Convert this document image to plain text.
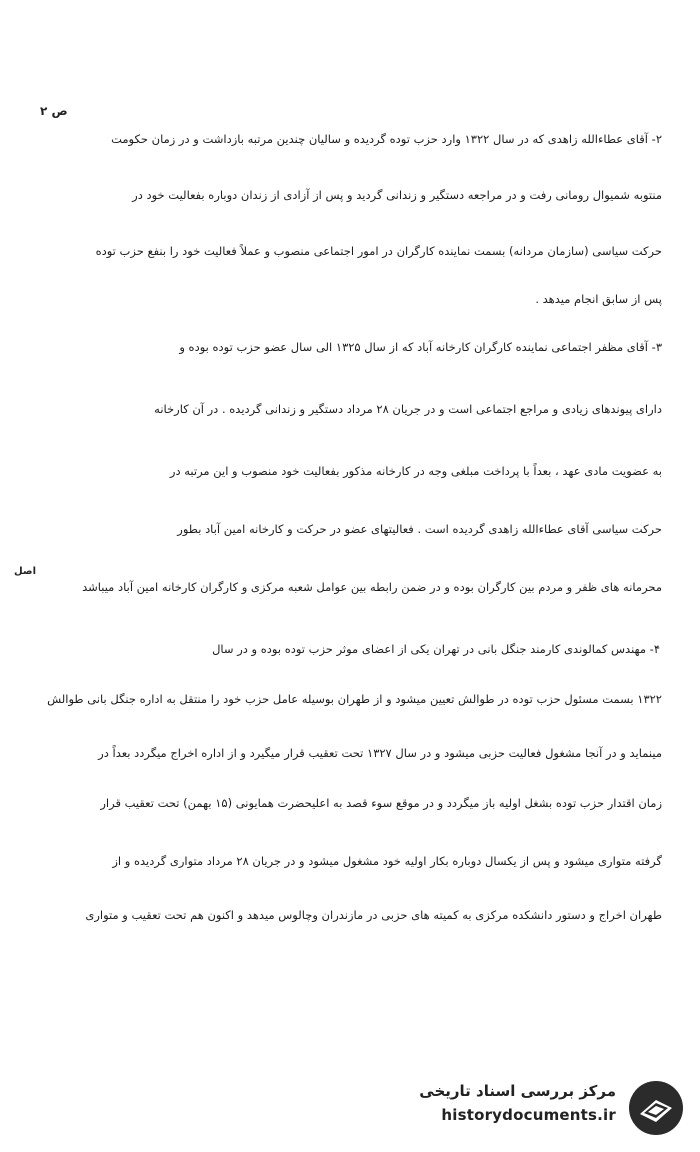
ص ۲
۲- آقای عطاءالله زاهدی که در سال ۱۳۲۲ وارد حزب توده گردیده و سالیان چندین مرتبه بازداشت و در زمان حکومت
منتوبه شمیوال رومانی رفت و در مراجعه دستگیر و زندانی گردید و پس از آزادی از زندان دوباره بفعالیت خود در
حرکت سیاسی (سازمان مردانه) بسمت نماینده کارگران در امور اجتماعی منصوب و عملاً فعالیت خود را بنفع حزب توده
پس از سابق انجام میدهد .
۳- آقای مظفر اجتماعی نماینده کارگران کارخانه آباد که از سال ۱۳۲۵ الی سال عضو حزب توده بوده و
دارای پیوندهای زیادی و مراجع اجتماعی است و در جریان ۲۸ مرداد دستگیر و زندانی گردیده . در آن کارخانه
به عضویت مادی عهد ، بعداً با پرداخت مبلغی وجه در کارخانه مذکور بفعالیت خود منصوب و این مرتبه در
حرکت سیاسی آقای عطاءالله زاهدی گردیده است . فعالیتهای عضو در حرکت و کارخانه امین آباد بطور
محرمانه های ظفر و مردم بین کارگران بوده و در ضمن رابطه بین عوامل شعبه مرکزی و کارگران کارخانه امین آباد میباشد
اصل
۴- مهندس کمالوندی کارمند جنگل بانی در تهران یکی از اعضای موثر حزب توده بوده و در سال
۱۳۲۲ بسمت مسئول حزب توده در طوالش تعیین میشود و از طهران بوسیله عامل حزب خود را منتقل به اداره جنگل بانی طوالش
مینماید و در آنجا مشغول فعالیت حزبی میشود و در سال ۱۳۲۷ تحت تعقیب قرار میگیرد و از اداره اخراج میگردد بعداً در
زمان اقتدار حزب توده بشغل اولیه باز میگردد و در موقع سوء قصد به اعلیحضرت همایونی (۱۵ بهمن) تحت تعقیب قرار
گرفته متواری میشود و پس از یکسال دوباره بکار اولیه خود مشغول میشود و در جریان ۲۸ مرداد متواری گردیده و از
طهران اخراج و دستور دانشکده مرکزی به کمیته های حزبی در مازندران وچالوس میدهد و اکنون هم تحت تعقیب و متواری
مرکز بررسی اسناد تاریخی
historydocuments.ir
